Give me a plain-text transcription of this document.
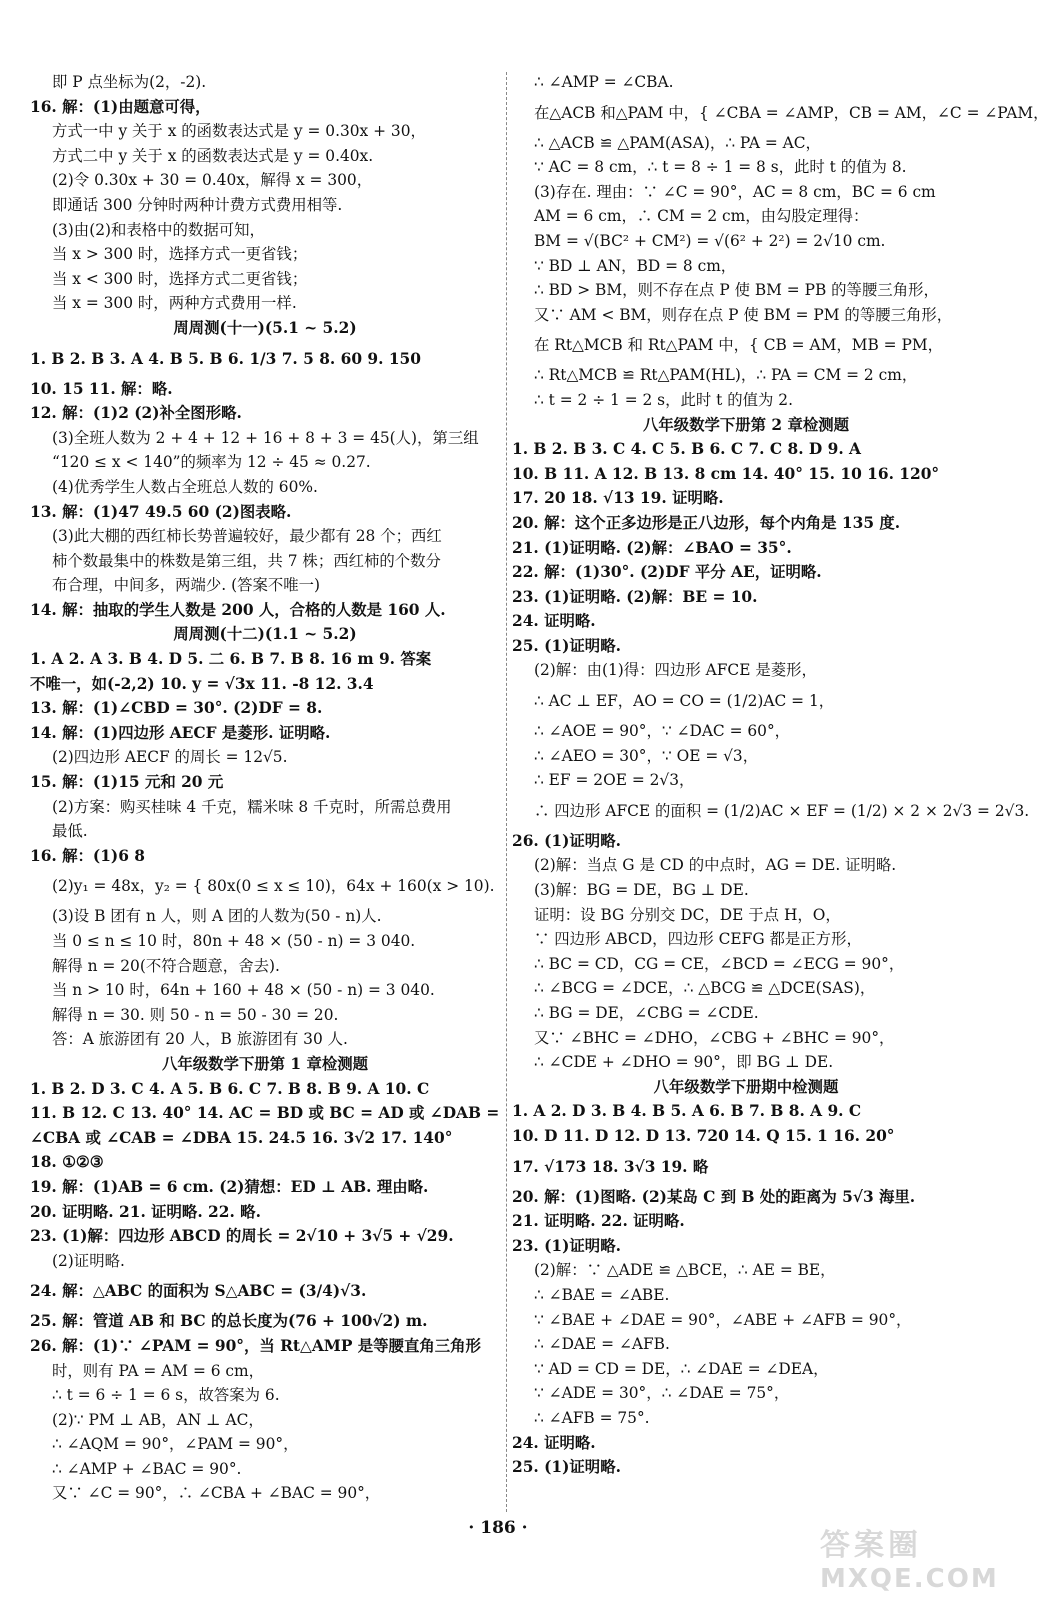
即 P 点坐标为(2，-2).
16. 解：(1)由题意可得，
方式一中 y 关于 x 的函数表达式是 y = 0.30x + 30，
方式二中 y 关于 x 的函数表达式是 y = 0.40x.
(2)令 0.30x + 30 = 0.40x，解得 x = 300，
即通话 300 分钟时两种计费方式费用相等.
(3)由(2)和表格中的数据可知，
当 x > 300 时，选择方式一更省钱；
当 x < 300 时，选择方式二更省钱；
当 x = 300 时，两种方式费用一样.
周周测(十一)(5.1 ~ 5.2)
1. B 2. B 3. A 4. B 5. B 6. 1/3 7. 5 8. 60 9. 150
10. 15 11. 解：略.
12. 解：(1)2 (2)补全图形略.
(3)全班人数为 2 + 4 + 12 + 16 + 8 + 3 = 45(人)，第三组
“120 ≤ x < 140”的频率为 12 ÷ 45 ≈ 0.27.
(4)优秀学生人数占全班总人数的 60%.
13. 解：(1)47 49.5 60 (2)图表略.
(3)此大棚的西红柿长势普遍较好，最少都有 28 个；西红
柿个数最集中的株数是第三组，共 7 株；西红柿的个数分
布合理，中间多，两端少. (答案不唯一)
14. 解：抽取的学生人数是 200 人，合格的人数是 160 人.
周周测(十二)(1.1 ~ 5.2)
1. A 2. A 3. B 4. D 5. 二 6. B 7. B 8. 16 m 9. 答案
不唯一，如(-2,2) 10. y = √3x 11. -8 12. 3.4
13. 解：(1)∠CBD = 30°. (2)DF = 8.
14. 解：(1)四边形 AECF 是菱形. 证明略.
(2)四边形 AECF 的周长 = 12√5.
15. 解：(1)15 元和 20 元
(2)方案：购买桂味 4 千克，糯米味 8 千克时，所需总费用
最低.
16. 解：(1)6 8
(2)y₁ = 48x，y₂ = { 80x(0 ≤ x ≤ 10)，64x + 160(x > 10).
(3)设 B 团有 n 人，则 A 团的人数为(50 - n)人.
当 0 ≤ n ≤ 10 时，80n + 48 × (50 - n) = 3 040.
解得 n = 20(不符合题意，舍去).
当 n > 10 时，64n + 160 + 48 × (50 - n) = 3 040.
解得 n = 30. 则 50 - n = 50 - 30 = 20.
答：A 旅游团有 20 人，B 旅游团有 30 人.
八年级数学下册第 1 章检测题
1. B 2. D 3. C 4. A 5. B 6. C 7. B 8. B 9. A 10. C
11. B 12. C 13. 40° 14. AC = BD 或 BC = AD 或 ∠DAB =
∠CBA 或 ∠CAB = ∠DBA 15. 24.5 16. 3√2 17. 140°
18. ①②③
19. 解：(1)AB = 6 cm. (2)猜想：ED ⊥ AB. 理由略.
20. 证明略. 21. 证明略. 22. 略.
23. (1)解：四边形 ABCD 的周长 = 2√10 + 3√5 + √29.
(2)证明略.
24. 解：△ABC 的面积为 S△ABC = (3/4)√3.
25. 解：管道 AB 和 BC 的总长度为(76 + 100√2) m.
26. 解：(1)∵ ∠PAM = 90°，当 Rt△AMP 是等腰直角三角形
时，则有 PA = AM = 6 cm，
∴ t = 6 ÷ 1 = 6 s，故答案为 6.
(2)∵ PM ⊥ AB，AN ⊥ AC，
∴ ∠AQM = 90°，∠PAM = 90°，
∴ ∠AMP + ∠BAC = 90°.
又∵ ∠C = 90°，∴ ∠CBA + ∠BAC = 90°，
∴ ∠AMP = ∠CBA.
在△ACB 和△PAM 中，{ ∠CBA = ∠AMP，CB = AM，∠C = ∠PAM，
∴ △ACB ≌ △PAM(ASA)，∴ PA = AC，
∵ AC = 8 cm，∴ t = 8 ÷ 1 = 8 s，此时 t 的值为 8.
(3)存在. 理由：∵ ∠C = 90°，AC = 8 cm，BC = 6 cm
AM = 6 cm，∴ CM = 2 cm，由勾股定理得：
BM = √(BC² + CM²) = √(6² + 2²) = 2√10 cm.
∵ BD ⊥ AN，BD = 8 cm，
∴ BD > BM，则不存在点 P 使 BM = PB 的等腰三角形，
又∵ AM < BM，则存在点 P 使 BM = PM 的等腰三角形，
在 Rt△MCB 和 Rt△PAM 中，{ CB = AM，MB = PM，
∴ Rt△MCB ≌ Rt△PAM(HL)，∴ PA = CM = 2 cm，
∴ t = 2 ÷ 1 = 2 s，此时 t 的值为 2.
八年级数学下册第 2 章检测题
1. B 2. B 3. C 4. C 5. B 6. C 7. C 8. D 9. A
10. B 11. A 12. B 13. 8 cm 14. 40° 15. 10 16. 120°
17. 20 18. √13 19. 证明略.
20. 解：这个正多边形是正八边形，每个内角是 135 度.
21. (1)证明略. (2)解：∠BAO = 35°.
22. 解：(1)30°. (2)DF 平分 AE，证明略.
23. (1)证明略. (2)解：BE = 10.
24. 证明略.
25. (1)证明略.
(2)解：由(1)得：四边形 AFCE 是菱形，
∴ AC ⊥ EF，AO = CO = (1/2)AC = 1，
∴ ∠AOE = 90°，∵ ∠DAC = 60°，
∴ ∠AEO = 30°，∵ OE = √3，
∴ EF = 2OE = 2√3，
∴ 四边形 AFCE 的面积 = (1/2)AC × EF = (1/2) × 2 × 2√3 = 2√3.
26. (1)证明略.
(2)解：当点 G 是 CD 的中点时，AG = DE. 证明略.
(3)解：BG = DE，BG ⊥ DE.
证明：设 BG 分别交 DC，DE 于点 H，O，
∵ 四边形 ABCD，四边形 CEFG 都是正方形，
∴ BC = CD，CG = CE，∠BCD = ∠ECG = 90°，
∴ ∠BCG = ∠DCE，∴ △BCG ≌ △DCE(SAS)，
∴ BG = DE，∠CBG = ∠CDE.
又∵ ∠BHC = ∠DHO，∠CBG + ∠BHC = 90°，
∴ ∠CDE + ∠DHO = 90°，即 BG ⊥ DE.
八年级数学下册期中检测题
1. A 2. D 3. B 4. B 5. A 6. B 7. B 8. A 9. C
10. D 11. D 12. D 13. 720 14. Q 15. 1 16. 20°
17. √173 18. 3√3 19. 略
20. 解：(1)图略. (2)某岛 C 到 B 处的距离为 5√3 海里.
21. 证明略. 22. 证明略.
23. (1)证明略.
(2)解：∵ △ADE ≌ △BCE，∴ AE = BE，
∴ ∠BAE = ∠ABE.
∵ ∠BAE + ∠DAE = 90°，∠ABE + ∠AFB = 90°，
∴ ∠DAE = ∠AFB.
∵ AD = CD = DE，∴ ∠DAE = ∠DEA，
∵ ∠ADE = 30°，∴ ∠DAE = 75°，
∴ ∠AFB = 75°.
24. 证明略.
25. (1)证明略.
· 186 ·	答案圈
MXQE.COM
